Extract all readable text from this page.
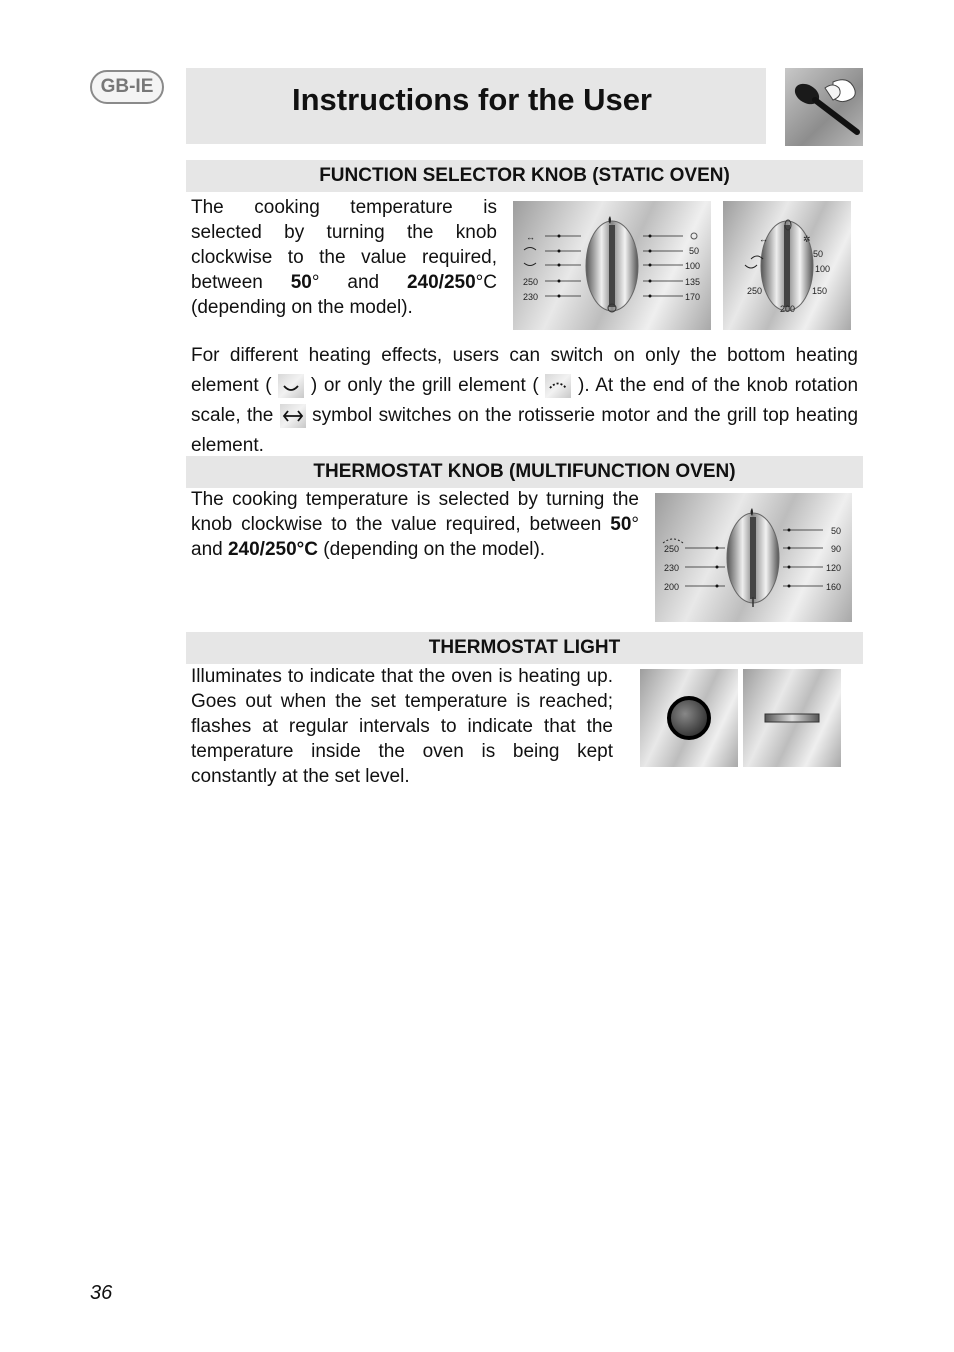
GB-IE	Instructions for the User
FUNCTION SELECTOR KNOB (STATIC OVEN)
The cooking temperature is selected by turning the knob clockwise to the value required, between 50° and 240/250°C (depending on the model).
↔
50
100
135
170
250
230
↔	✲
50
100
150
250
200
For different heating effects, users can switch on only the bottom heating element ( ) or only the grill element ( ). At the end of the knob rotation scale, the  symbol switches on the rotisserie motor and the grill top heating element.
THERMOSTAT KNOB (MULTIFUNCTION OVEN)
The cooking temperature is selected by turning the knob clockwise to the value required, between 50° and 240/250°C (depending on the model).	250
230
200
50
90
120
160
THERMOSTAT LIGHT
Illuminates to indicate that the oven is heating up. Goes out when the set temperature is reached; flashes at regular intervals to indicate that the temperature inside the oven is being kept constantly at the set level.
36
